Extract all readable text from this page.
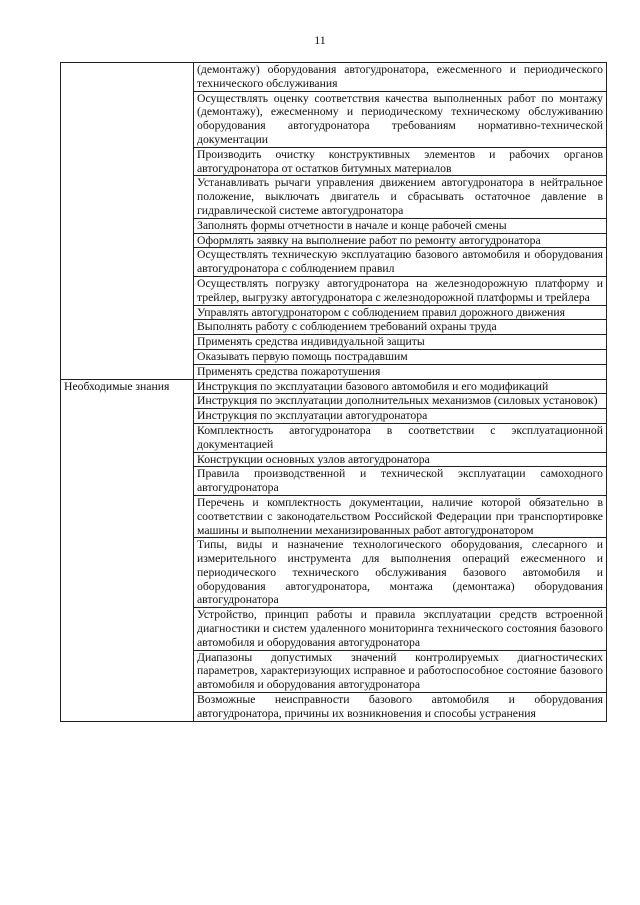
11
	(демонтажу) оборудования автогудронатора, ежесменного и периодического технического обслуживания
	Осуществлять оценку соответствия качества выполненных работ по монтажу (демонтажу), ежесменному и периодическому техническому обслуживанию оборудования автогудронатора требованиям нормативно-технической документации
	Производить очистку конструктивных элементов и рабочих органов автогудронатора от остатков битумных материалов
	Устанавливать рычаги управления движением автогудронатора в нейтральное положение, выключать двигатель и сбрасывать остаточное давление в гидравлической системе автогудронатора
	Заполнять формы отчетности в начале и конце рабочей смены
	Оформлять заявку на выполнение работ по ремонту автогудронатора
	Осуществлять техническую эксплуатацию базового автомобиля и оборудования автогудронатора с соблюдением правил
	Осуществлять погрузку автогудронатора на железнодорожную платформу и трейлер, выгрузку автогудронатора с железнодорожной платформы и трейлера
	Управлять автогудронатором с соблюдением правил дорожного движения
	Выполнять работу с соблюдением требований охраны труда
	Применять средства индивидуальной защиты
	Оказывать первую помощь пострадавшим
	Применять средства пожаротушения
Необходимые знания	Инструкция по эксплуатации базового автомобиля и его модификаций
	Инструкция по эксплуатации дополнительных механизмов (силовых установок)
	Инструкция по эксплуатации автогудронатора
	Комплектность автогудронатора в соответствии с эксплуатационной документацией
	Конструкции основных узлов автогудронатора
	Правила производственной и технической эксплуатации самоходного автогудронатора
	Перечень и комплектность документации, наличие которой обязательно в соответствии с законодательством Российской Федерации при транспортировке машины и выполнении механизированных работ автогудронатором
	Типы, виды и назначение технологического оборудования, слесарного и измерительного инструмента для выполнения операций ежесменного и периодического технического обслуживания базового автомобиля и оборудования автогудронатора, монтажа (демонтажа) оборудования автогудронатора
	Устройство, принцип работы и правила эксплуатации средств встроенной диагностики и систем удаленного мониторинга технического состояния базового автомобиля и оборудования автогудронатора
	Диапазоны допустимых значений контролируемых диагностических параметров, характеризующих исправное и работоспособное состояние базового автомобиля и оборудования автогудронатора
	Возможные неисправности базового автомобиля и оборудования автогудронатора, причины их возникновения и способы устранения
